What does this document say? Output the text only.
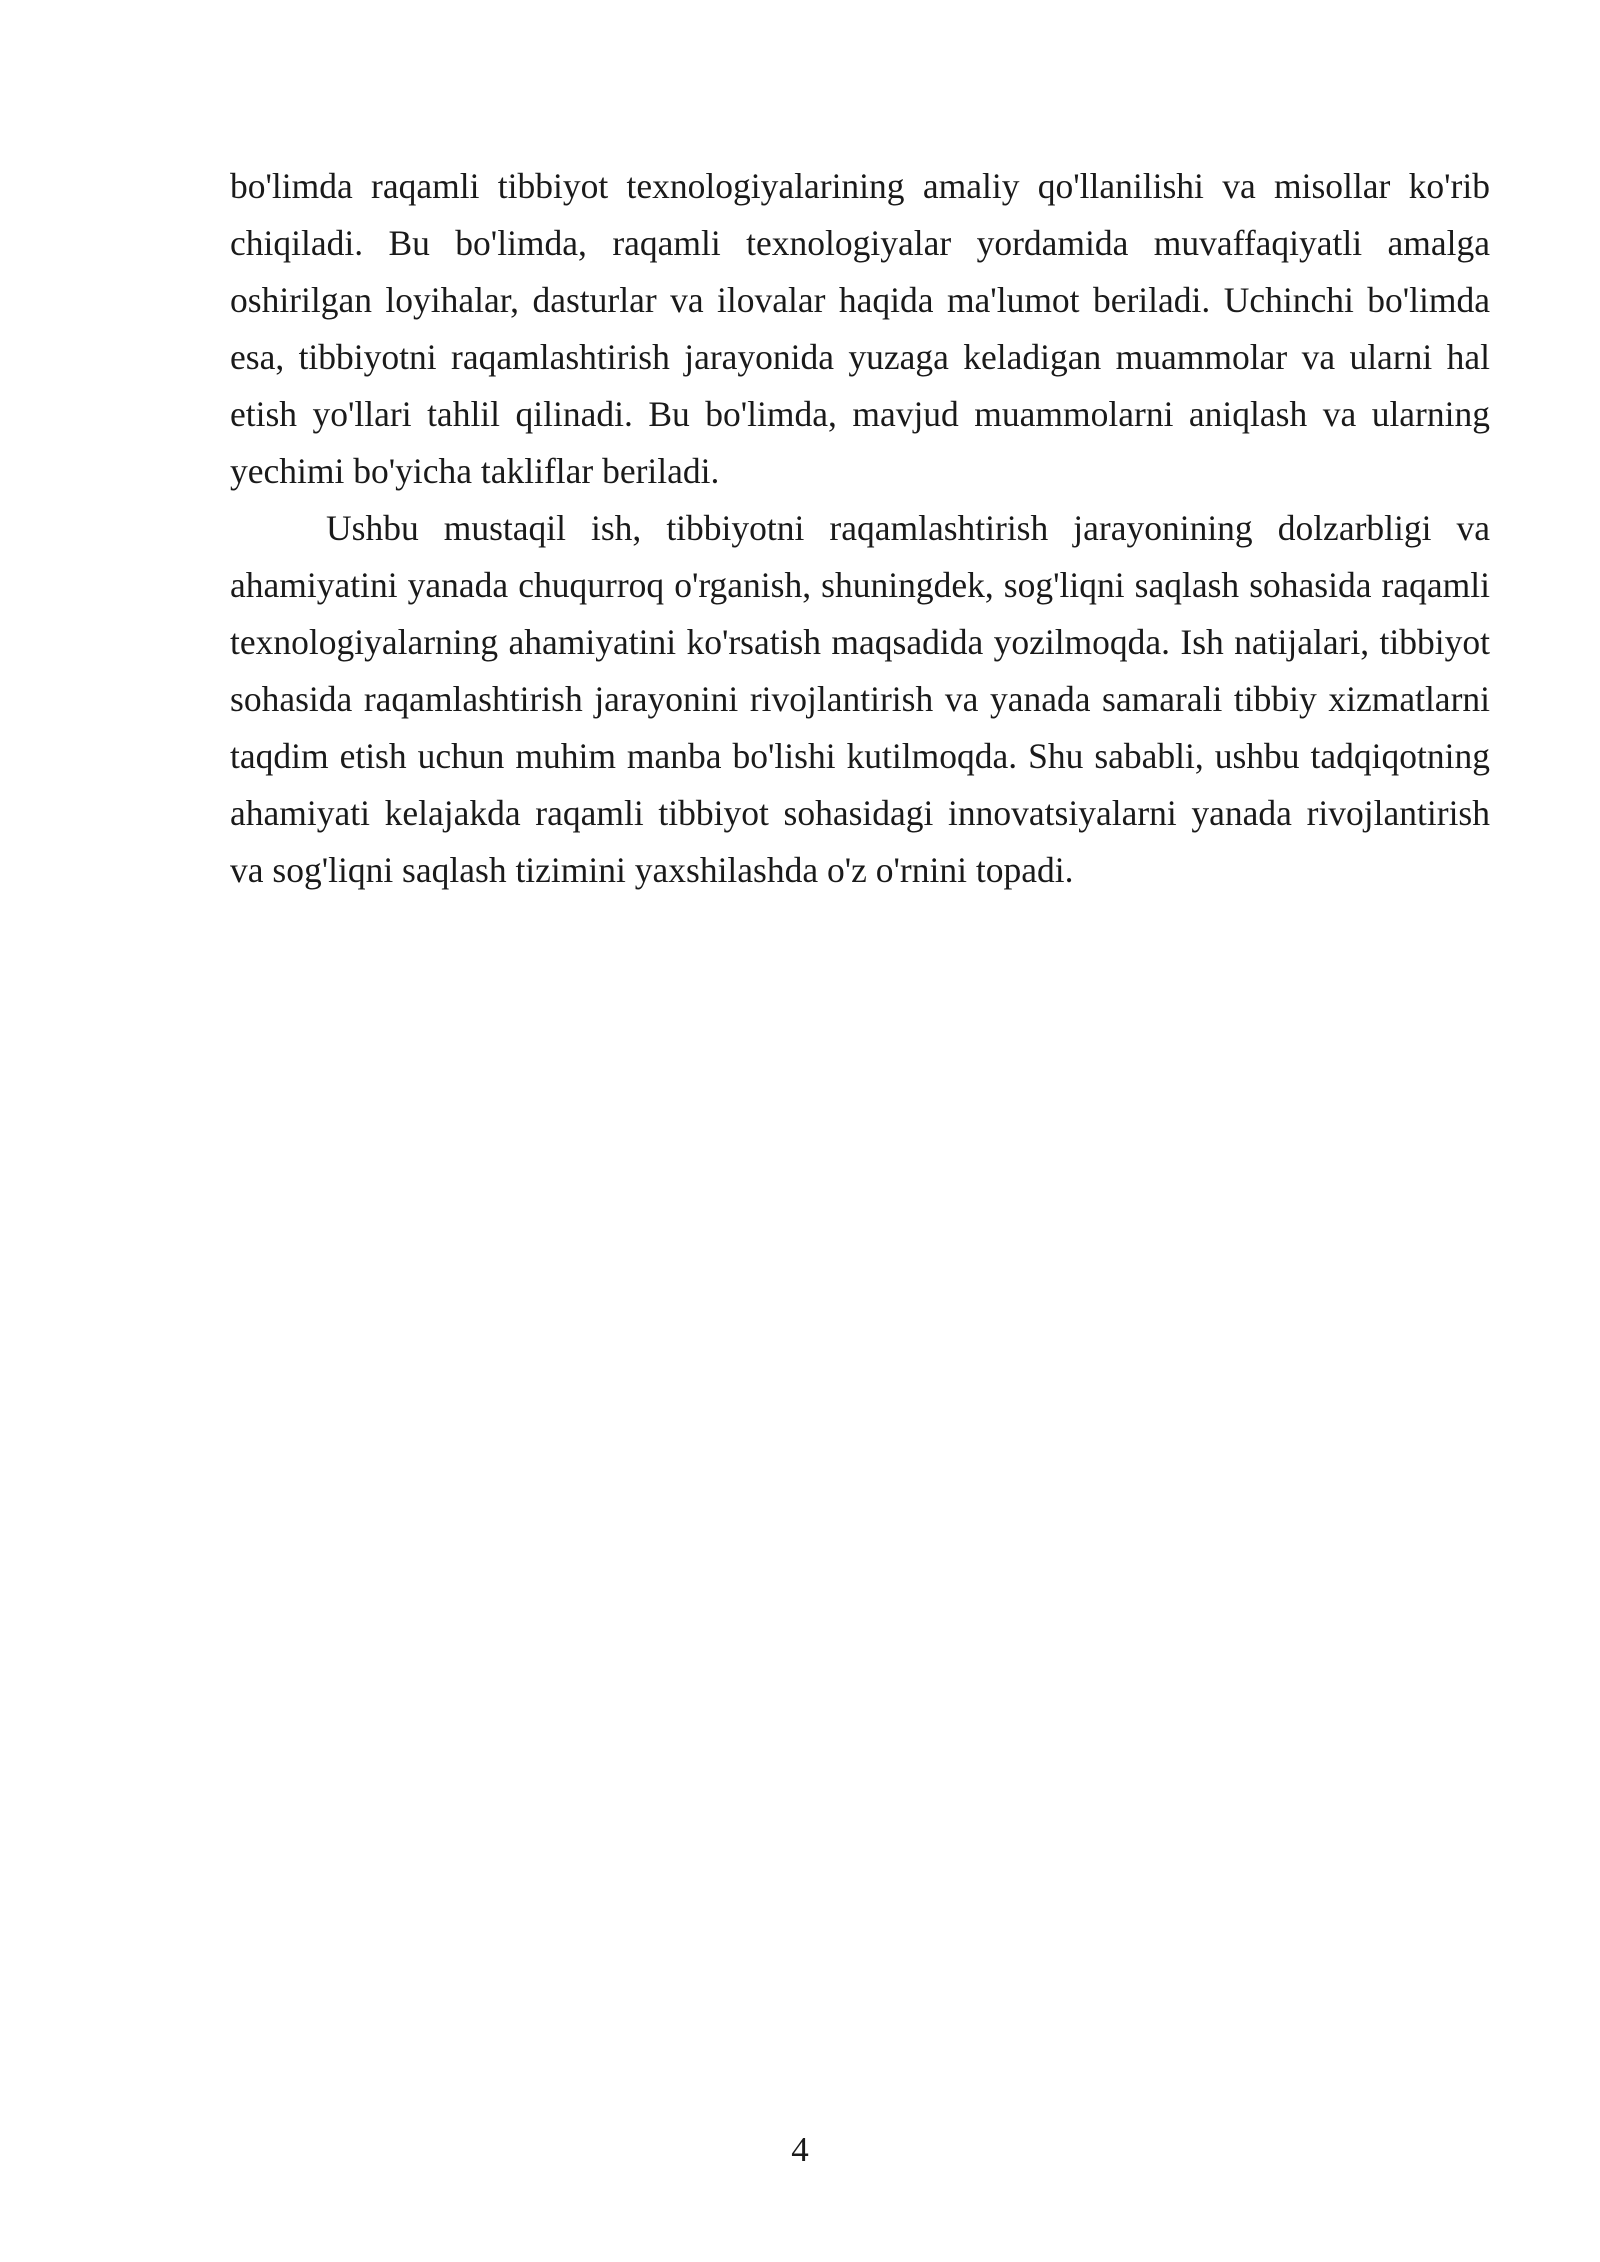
bo'limda raqamli tibbiyot texnologiyalarining amaliy qo'llanilishi va misollar ko'rib chiqiladi. Bu bo'limda, raqamli texnologiyalar yordamida muvaffaqiyatli amalga oshirilgan loyihalar, dasturlar va ilovalar haqida ma'lumot beriladi. Uchinchi bo'limda esa, tibbiyotni raqamlashtirish jarayonida yuzaga keladigan muammolar va ularni hal etish yo'llari tahlil qilinadi. Bu bo'limda, mavjud muammolarni aniqlash va ularning yechimi bo'yicha takliflar beriladi.

Ushbu mustaqil ish, tibbiyotni raqamlashtirish jarayonining dolzarbligi va ahamiyatini yanada chuqurroq o'rganish, shuningdek, sog'liqni saqlash sohasida raqamli texnologiyalarning ahamiyatini ko'rsatish maqsadida yozilmoqda. Ish natijalari, tibbiyot sohasida raqamlashtirish jarayonini rivojlantirish va yanada samarali tibbiy xizmatlarni taqdim etish uchun muhim manba bo'lishi kutilmoqda. Shu sababli, ushbu tadqiqotning ahamiyati kelajakda raqamli tibbiyot sohasidagi innovatsiyalarni yanada rivojlantirish va sog'liqni saqlash tizimini yaxshilashda o'z o'rnini topadi.

4
